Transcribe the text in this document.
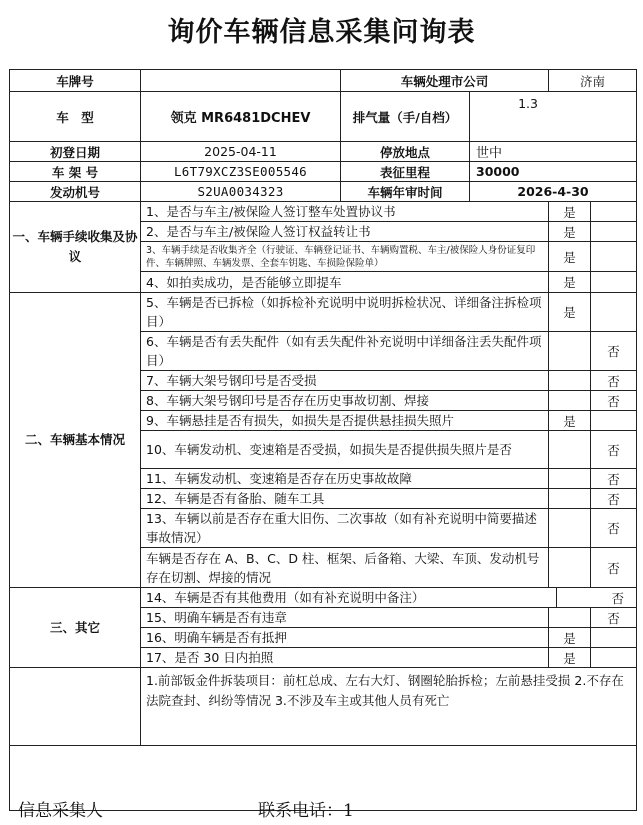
询价车辆信息采集问询表
车牌号		车辆处理市公司		济南		
车　型	领克 MR6481DCHEV	排气量（手/自档）	1.3			
初登日期	2025-04-11	停放地点	世中			
车 架 号	L6T79XCZ3SE005546	表征里程	30000			
发动机号	S2UA0034323	车辆年审时间	2026-4-30			
一、车辆手续收集及协议	1、是否与车主/被保险人签订整车处置协议书			是		
	2、是否与车主/被保险人签订权益转让书			是		
	3、车辆手续是否收集齐全（行驶证、车辆登记证书、车辆购置税、车主/被保险人身份证复印件、车辆牌照、车辆发票、全套车钥匙、车损险保险单）			是		
	4、如拍卖成功，是否能够立即提车			是		
二、车辆基本情况	5、车辆是否已拆检（如拆检补充说明中说明拆检状况、详细备注拆检项目）			是		
	6、车辆是否有丢失配件（如有丢失配件补充说明中详细备注丢失配件项目）					否
	7、车辆大架号钢印号是否受损					否
	8、车辆大架号钢印号是否存在历史事故切割、焊接					否
	9、车辆悬挂是否有损失，如损失是否提供悬挂损失照片			是		
	10、车辆发动机、变速箱是否受损，如损失是否提供损失照片是否					否
	11、车辆发动机、变速箱是否存在历史事故故障					否
	12、车辆是否有备胎、随车工具					否
	13、车辆以前是否存在重大旧伤、二次事故（如有补充说明中简要描述事故情况）					否
	车辆是否存在 A、B、C、D 柱、框架、后备箱、大梁、车顶、发动机号存在切割、焊接的情况					否
三、其它	14、车辆是否有其他费用（如有补充说明中备注）				否	
	15、明确车辆是否有违章					否
	16、明确车辆是否有抵押			是		
	17、是否 30 日内拍照			是		
	1.前部钣金件拆装项目：前杠总成、左右大灯、钢圈轮胎拆检；左前悬挂受损 2.不存在法院查封、纠纷等情况 3.不涉及车主或其他人员有死亡					

信息采集人	联系电话：1
